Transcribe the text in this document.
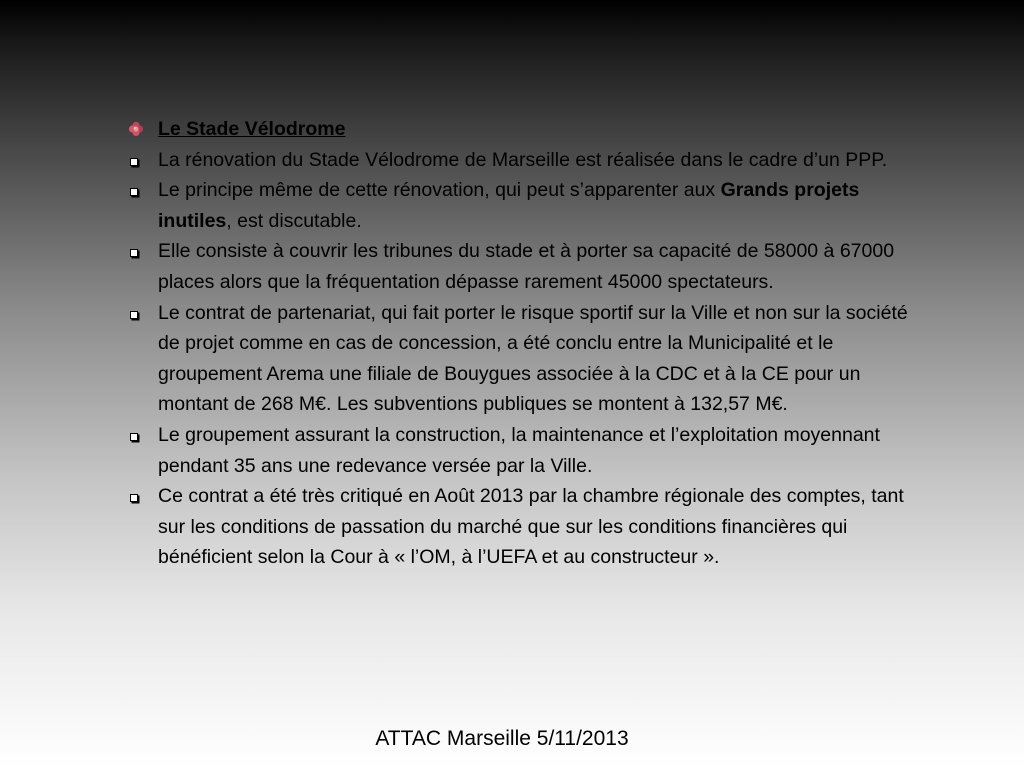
Le Stade Vélodrome
La rénovation du Stade Vélodrome de Marseille est réalisée dans le cadre d’un PPP.
Le principe même de cette rénovation, qui peut s’apparenter aux Grands projets inutiles, est discutable.
Elle consiste à couvrir les tribunes du stade et à porter sa capacité de 58000 à 67000 places alors que la fréquentation dépasse rarement 45000 spectateurs.
Le contrat de partenariat, qui fait porter le risque sportif sur la Ville et non sur la société de projet comme en cas de concession, a été conclu entre la Municipalité et le groupement Arema une filiale de Bouygues associée à la CDC et à la CE pour un montant de 268 M€. Les subventions publiques se montent à 132,57 M€.
Le groupement assurant la construction, la maintenance et l’exploitation moyennant pendant 35 ans une redevance versée par la Ville.
Ce contrat a été très critiqué en Août 2013 par la chambre régionale des comptes, tant sur les conditions de passation du marché que sur les conditions financières qui bénéficient selon la Cour à « l’OM, à l’UEFA et au constructeur ».
ATTAC Marseille 5/11/2013
